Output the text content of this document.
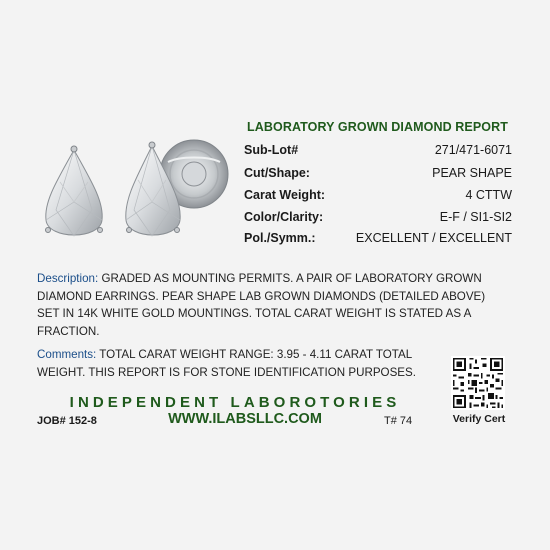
LABORATORY GROWN DIAMOND REPORT
Sub-Lot#	271/471-6071
Cut/Shape:	PEAR SHAPE
Carat Weight:	4 CTTW
Color/Clarity:	E-F / SI1-SI2
Pol./Symm.:	EXCELLENT / EXCELLENT
Description: GRADED AS MOUNTING PERMITS. A PAIR OF LABORATORY GROWN DIAMOND EARRINGS. PEAR SHAPE LAB GROWN DIAMONDS (DETAILED ABOVE) SET IN 14K WHITE GOLD MOUNTINGS. TOTAL CARAT WEIGHT IS STATED AS A FRACTION.
Comments: TOTAL CARAT WEIGHT RANGE: 3.95 - 4.11 CARAT TOTAL WEIGHT. THIS REPORT IS FOR STONE IDENTIFICATION PURPOSES.
INDEPENDENT LABOROTORIES
JOB# 152-8	WWW.ILABSLLC.COM	T# 74	Verify Cert
